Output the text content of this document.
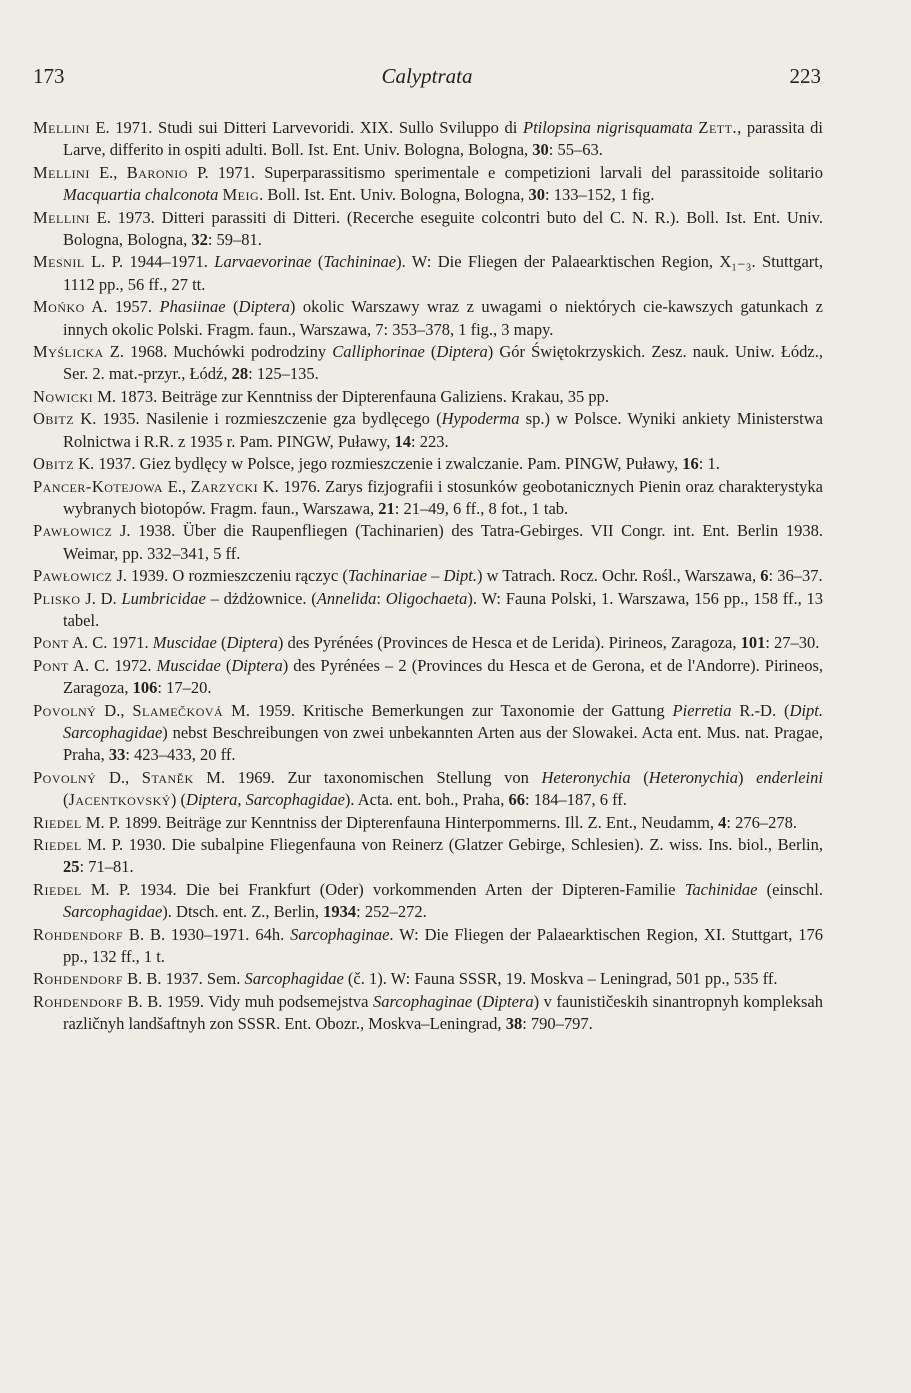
173	Calyptrata	223

Mellini E. 1971. Studi sui Ditteri Larvevoridi. XIX. Sullo Sviluppo di Ptilopsina nigrisquamata Zett., parassita di Larve, differito in ospiti adulti. Boll. Ist. Ent. Univ. Bologna, Bologna, 30: 55–63.

Mellini E., Baronio P. 1971. Superparassitismo sperimentale e competizioni larvali del parassitoide solitario Macquartia chalconota Meig. Boll. Ist. Ent. Univ. Bologna, Bologna, 30: 133–152, 1 fig.

Mellini E. 1973. Ditteri parassiti di Ditteri. (Recerche eseguite colcontri buto del C. N. R.). Boll. Ist. Ent. Univ. Bologna, Bologna, 32: 59–81.

Mesnil L. P. 1944–1971. Larvaevorinae (Tachininae). W: Die Fliegen der Palaearktischen Region, X₁₋₃. Stuttgart, 1112 pp., 56 ff., 27 tt.

Mońko A. 1957. Phasiinae (Diptera) okolic Warszawy wraz z uwagami o niektórych cie-kawszych gatunkach z innych okolic Polski. Fragm. faun., Warszawa, 7: 353–378, 1 fig., 3 mapy.

Myślicka Z. 1968. Muchówki podrodziny Calliphorinae (Diptera) Gór Świętokrzyskich. Zesz. nauk. Uniw. Łódz., Ser. 2. mat.-przyr., Łódź, 28: 125–135.

Nowicki M. 1873. Beiträge zur Kenntniss der Dipterenfauna Galiziens. Krakau, 35 pp.

Obitz K. 1935. Nasilenie i rozmieszczenie gza bydlęcego (Hypoderma sp.) w Polsce. Wyniki ankiety Ministerstwa Rolnictwa i R.R. z 1935 r. Pam. PINGW, Puławy, 14: 223.

Obitz K. 1937. Giez bydlęcy w Polsce, jego rozmieszczenie i zwalczanie. Pam. PINGW, Puławy, 16: 1.

Pancer-Kotejowa E., Zarzycki K. 1976. Zarys fizjografii i stosunków geobotanicznych Pienin oraz charakterystyka wybranych biotopów. Fragm. faun., Warszawa, 21: 21–49, 6 ff., 8 fot., 1 tab.

Pawłowicz J. 1938. Über die Raupenfliegen (Tachinarien) des Tatra-Gebirges. VII Congr. int. Ent. Berlin 1938. Weimar, pp. 332–341, 5 ff.

Pawłowicz J. 1939. O rozmieszczeniu rączyc (Tachinariae – Dipt.) w Tatrach. Rocz. Ochr. Rośl., Warszawa, 6: 36–37.

Plisko J. D. Lumbricidae – dżdżownice. (Annelida: Oligochaeta). W: Fauna Polski, 1. Warszawa, 156 pp., 158 ff., 13 tabel.

Pont A. C. 1971. Muscidae (Diptera) des Pyrénées (Provinces de Hesca et de Lerida). Pirineos, Zaragoza, 101: 27–30.

Pont A. C. 1972. Muscidae (Diptera) des Pyrénées – 2 (Provinces du Hesca et de Gerona, et de l'Andorre). Pirineos, Zaragoza, 106: 17–20.

Povolný D., Slamečková M. 1959. Kritische Bemerkungen zur Taxonomie der Gattung Pierretia R.-D. (Dipt. Sarcophagidae) nebst Beschreibungen von zwei unbekannten Arten aus der Slowakei. Acta ent. Mus. nat. Pragae, Praha, 33: 423–433, 20 ff.

Povolný D., Staněk M. 1969. Zur taxonomischen Stellung von Heteronychia (Heteronychia) enderleini (Jacentkovský) (Diptera, Sarcophagidae). Acta. ent. boh., Praha, 66: 184–187, 6 ff.

Riedel M. P. 1899. Beiträge zur Kenntniss der Dipterenfauna Hinterpommerns. Ill. Z. Ent., Neudamm, 4: 276–278.

Riedel M. P. 1930. Die subalpine Fliegenfauna von Reinerz (Glatzer Gebirge, Schlesien). Z. wiss. Ins. biol., Berlin, 25: 71–81.

Riedel M. P. 1934. Die bei Frankfurt (Oder) vorkommenden Arten der Dipteren-Familie Tachinidae (einschl. Sarcophagidae). Dtsch. ent. Z., Berlin, 1934: 252–272.

Rohdendorf B. B. 1930–1971. 64h. Sarcophaginae. W: Die Fliegen der Palaearktischen Region, XI. Stuttgart, 176 pp., 132 ff., 1 t.

Rohdendorf B. B. 1937. Sem. Sarcophagidae (č. 1). W: Fauna SSSR, 19. Moskva – Leningrad, 501 pp., 535 ff.

Rohdendorf B. B. 1959. Vidy muh podsemejstva Sarcophaginae (Diptera) v faunističeskih sinantropnyh kompleksah različnyh landšaftnyh zon SSSR. Ent. Obozr., Moskva–Leningrad, 38: 790–797.
